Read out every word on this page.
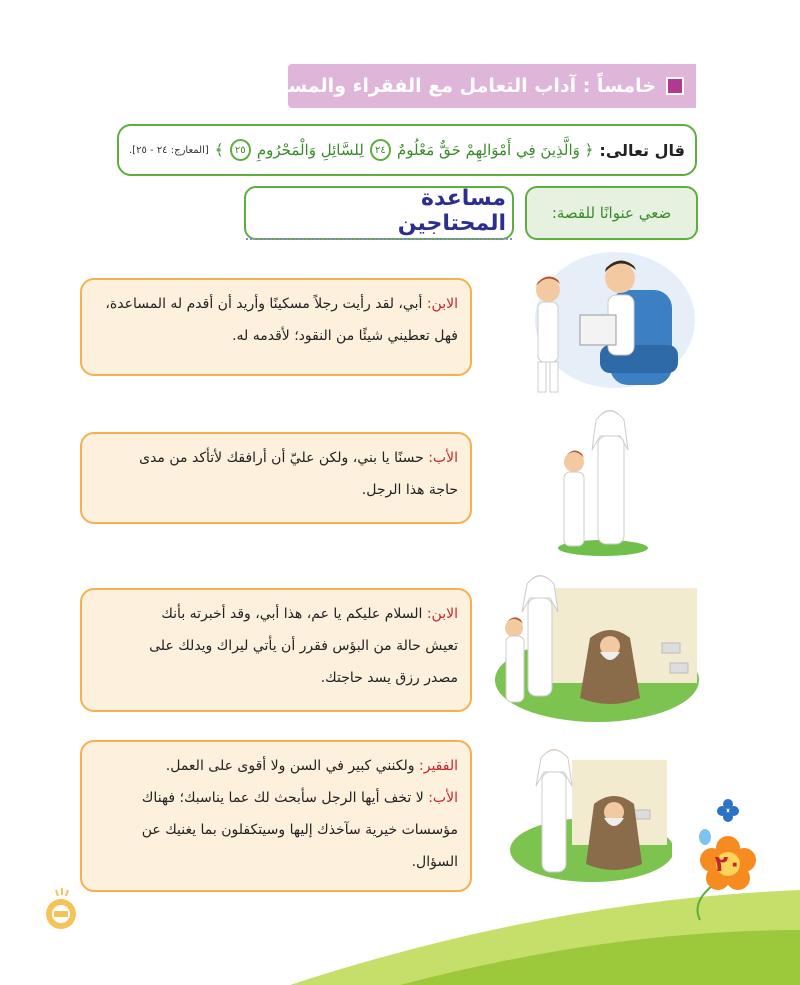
خامساً : آداب التعامل مع الفقراء والمساكين
قال تعالى:
﴿ وَالَّذِينَ فِي أَمْوَالِهِمْ حَقٌّ مَعْلُومٌ
٢٤
لِلسَّائِلِ وَالْمَحْرُومِ
٢٥
﴾
[المعارج: ٢٤ - ٢٥].
ضعي عنوانًا للقصة:
مساعدة المحتاجين

الابن: أبي، لقد رأيت رجلاً مسكينًا وأريد أن أقدم له المساعدة،

فهل تعطيني شيئًا من النقود؛ لأقدمه له.

الأب: حسنًا يا بني، ولكن عليّ أن أرافقك لأتأكد من مدى

حاجة هذا الرجل.

الابن: السلام عليكم يا عم، هذا أبي، وقد أخبرته بأنك

تعيش حالة من البؤس فقرر أن يأتي ليراك ويدلك على

مصدر رزق يسد حاجتك.

الفقير: ولكنني كبير في السن ولا أقوى على العمل.

الأب: لا تخف أيها الرجل سأبحث لك عما يناسبك؛ فهناك

مؤسسات خيرية سآخذك إليها وسيتكفلون بما يغنيك عن

السؤال.	٢٠
